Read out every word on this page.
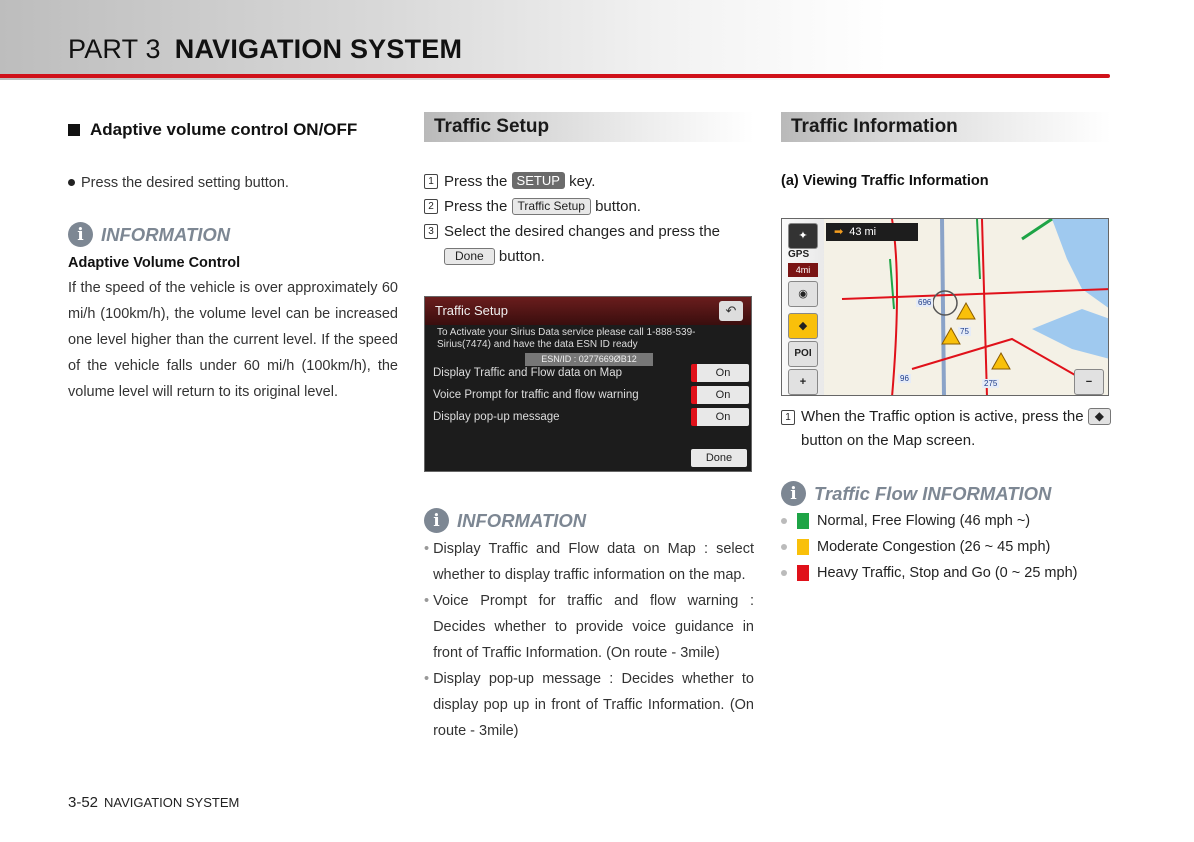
PART 3 NAVIGATION SYSTEM
Adaptive volume control ON/OFF
Press the desired setting button.
i INFORMATION
Adaptive Volume Control
If the speed of the vehicle is over approximately 60 mi/h (100km/h), the volume level can be increased one level higher than the current level. If the speed of the vehicle falls under 60 mi/h (100km/h), the volume level will return to its original level.
Traffic Setup
1 Press the SETUP key.
2 Press the Traffic Setup button.
3 Select the desired changes and press the
Done button.
i INFORMATION
• Display Traffic and Flow data on Map : select whether to display traffic information on the map.
• Voice Prompt for traffic and flow warning : Decides whether to provide voice guidance in front of Traffic Information. (On route - 3mile)
• Display pop-up message : Decides whether to display pop up in front of Traffic Information. (On route - 3mile)
Traffic Setup	↶
To Activate your Sirius Data service please call 1-888-539-Sirius(7474) and have the data ESN ID ready
ESN/ID : 0277669ØB12
Display Traffic and Flow data on Map	On
Voice Prompt for traffic and flow warning	On
Display pop-up message	On
Done
Traffic Information
(a) Viewing Traffic Information
696
75
96
275
✦
GPS
4mi
◉
◆
POI
+	−
➡ 43 mi
1 When the Traffic option is active, press the ◆ button on the Map screen.
i Traffic Flow INFORMATION
Normal, Free Flowing (46 mph ~)
Moderate Congestion (26 ~ 45 mph)
Heavy Traffic, Stop and Go (0 ~ 25 mph)
3-52 NAVIGATION SYSTEM
